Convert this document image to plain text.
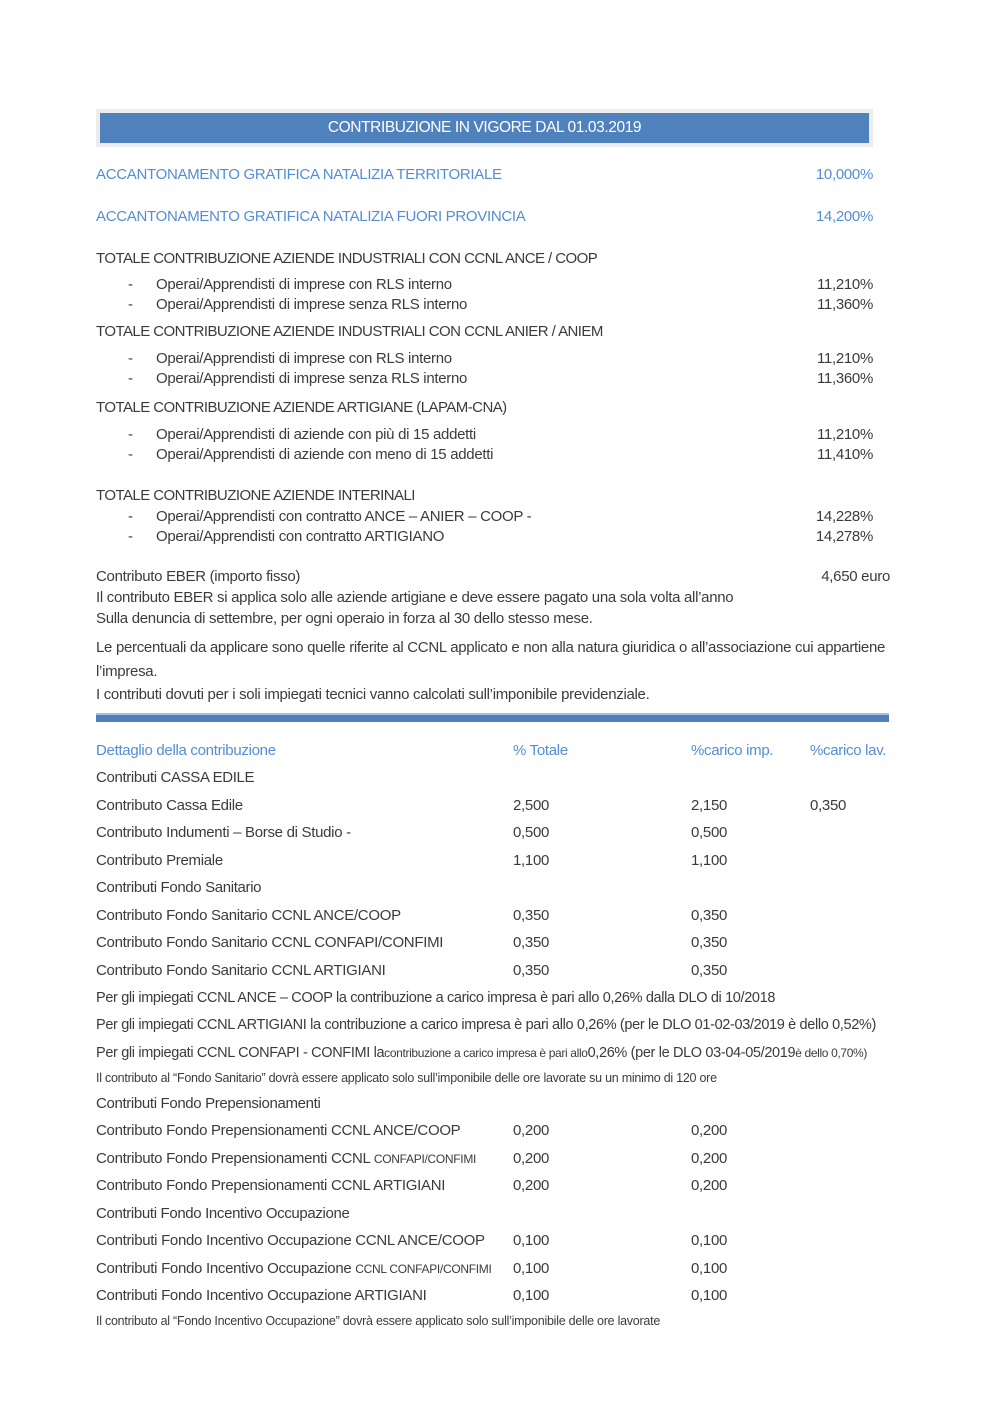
CONTRIBUZIONE IN VIGORE DAL 01.03.2019
ACCANTONAMENTO GRATIFICA NATALIZIA TERRITORIALE	10,000%
ACCANTONAMENTO GRATIFICA NATALIZIA FUORI PROVINCIA	14,200%
TOTALE CONTRIBUZIONE AZIENDE INDUSTRIALI CON CCNL ANCE / COOP
-	Operai/Apprendisti di imprese con RLS interno	11,210%
-	Operai/Apprendisti di imprese senza RLS interno	11,360%
TOTALE CONTRIBUZIONE AZIENDE INDUSTRIALI CON CCNL ANIER / ANIEM
-	Operai/Apprendisti di imprese con RLS interno	11,210%
-	Operai/Apprendisti di imprese senza RLS interno	11,360%
TOTALE CONTRIBUZIONE AZIENDE ARTIGIANE (LAPAM-CNA)
-	Operai/Apprendisti di aziende con più di 15 addetti	11,210%
-	Operai/Apprendisti di aziende con meno di 15 addetti	11,410%
TOTALE CONTRIBUZIONE AZIENDE INTERINALI
-	Operai/Apprendisti con contratto ANCE – ANIER – COOP -	14,228%
-	Operai/Apprendisti con contratto ARTIGIANO	14,278%
Contributo EBER (importo fisso)	4,650 euro
Il contributo EBER si applica solo alle aziende artigiane e deve essere pagato una sola volta all’anno
Sulla denuncia di settembre, per ogni operaio in forza al 30 dello stesso mese.
Le percentuali da applicare sono quelle riferite al CCNL applicato e non alla natura giuridica o all’associazione cui appartiene l’impresa.
I contributi dovuti per i soli impiegati tecnici vanno calcolati sull’imponibile previdenziale.
Dettaglio della contribuzione	% Totale	%carico imp.	%carico lav.
Contributi CASSA EDILE
Contributo Cassa Edile	2,500	2,150	0,350
Contributo Indumenti – Borse di Studio -	0,500	0,500
Contributo Premiale	1,100	1,100
Contributi Fondo Sanitario
Contributo Fondo Sanitario CCNL ANCE/COOP	0,350	0,350
Contributo Fondo Sanitario CCNL CONFAPI/CONFIMI	0,350	0,350
Contributo Fondo Sanitario CCNL ARTIGIANI	0,350	0,350
Per gli impiegati CCNL ANCE – COOP la contribuzione a carico impresa è pari allo 0,26% dalla DLO di 10/2018
Per gli impiegati CCNL ARTIGIANI la contribuzione a carico impresa è pari allo 0,26% (per le DLO 01-02-03/2019 è dello 0,52%)
Per gli impiegati CCNL CONFAPI - CONFIMI la contribuzione a carico impresa è pari allo 0,26% (per le DLO 03-04-05/2019 è dello 0,70%)
Il contributo al “Fondo Sanitario” dovrà essere applicato solo sull’imponibile delle ore lavorate su un minimo di 120 ore
Contributi Fondo Prepensionamenti
Contributo Fondo Prepensionamenti CCNL ANCE/COOP	0,200	0,200
Contributo Fondo Prepensionamenti CCNL CONFAPI/CONFIMI	0,200	0,200
Contributo Fondo Prepensionamenti CCNL ARTIGIANI	0,200	0,200
Contributi Fondo Incentivo Occupazione
Contributi Fondo Incentivo Occupazione CCNL ANCE/COOP	0,100	0,100
Contributi Fondo Incentivo Occupazione CCNL CONFAPI/CONFIMI	0,100	0,100
Contributi Fondo Incentivo Occupazione ARTIGIANI	0,100	0,100
Il contributo al “Fondo Incentivo Occupazione” dovrà essere applicato solo sull’imponibile delle ore lavorate
